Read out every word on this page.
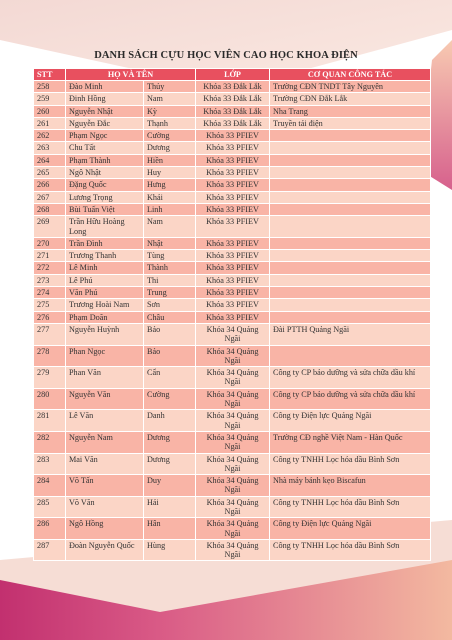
DANH SÁCH CỰU HỌC VIÊN CAO HỌC KHOA ĐIỆN
STT	HỌ VÀ TÊN		LỚP	CƠ QUAN CÔNG TÁC
258	Đào Minh	Thủy	Khóa 33 Đắk Lắk	Trường CĐN TNDT Tây Nguyên
259	Đinh Hồng	Nam	Khóa 33 Đắk Lắk	Trường CĐN Đắk Lắk
260	Nguyễn Nhật	Kỳ	Khóa 33 Đắk Lắk	Nha Trang
261	Nguyễn Đắc	Thạnh	Khóa 33 Đắk Lắk	Truyền tải điện
262	Phạm Ngọc	Cường	Khóa 33 PFIEV	
263	Chu Tất	Dương	Khóa 33 PFIEV	
264	Phạm Thành	Hiền	Khóa 33 PFIEV	
265	Ngô Nhật	Huy	Khóa 33 PFIEV	
266	Đặng Quốc	Hưng	Khóa 33 PFIEV	
267	Lương Trọng	Khải	Khóa 33 PFIEV	
268	Bùi Tuấn Việt	Linh	Khóa 33 PFIEV	
269	Trần Hữu Hoàng Long	Nam	Khóa 33 PFIEV	
270	Trần Đình	Nhật	Khóa 33 PFIEV	
271	Trương Thanh	Tùng	Khóa 33 PFIEV	
272	Lê Minh	Thành	Khóa 33 PFIEV	
273	Lê Phú	Thi	Khóa 33 PFIEV	
274	Văn Phú	Trung	Khóa 33 PFIEV	
275	Trương Hoài Nam	Sơn	Khóa 33 PFIEV	
276	Phạm Doãn	Châu	Khóa 33 PFIEV	
277	Nguyễn Huỳnh	Bảo	Khóa 34 Quảng Ngãi	Đài PTTH Quảng Ngãi
278	Phan Ngọc	Bảo	Khóa 34 Quảng Ngãi	
279	Phan Văn	Cẩn	Khóa 34 Quảng Ngãi	Công ty CP bảo dưỡng và sửa chữa dầu khí
280	Nguyễn Văn	Cường	Khóa 34 Quảng Ngãi	Công ty CP bảo dưỡng và sửa chữa dầu khí
281	Lê Văn	Danh	Khóa 34 Quảng Ngãi	Công ty Điện lực Quảng Ngãi
282	Nguyễn Nam	Dương	Khóa 34 Quảng Ngãi	Trường CĐ nghề Việt Nam - Hàn Quốc
283	Mai Văn	Dương	Khóa 34 Quảng Ngãi	Công ty TNHH Lọc hóa dầu Bình Sơn
284	Võ Tấn	Duy	Khóa 34 Quảng Ngãi	Nhà máy bánh kẹo Biscafun
285	Võ Văn	Hải	Khóa 34 Quảng Ngãi	Công ty TNHH Lọc hóa dầu Bình Sơn
286	Ngô Hồng	Hân	Khóa 34 Quảng Ngãi	Công ty Điện lực Quảng Ngãi
287	Đoàn Nguyễn Quốc	Hùng	Khóa 34 Quảng Ngãi	Công ty TNHH Lọc hóa dầu Bình Sơn
